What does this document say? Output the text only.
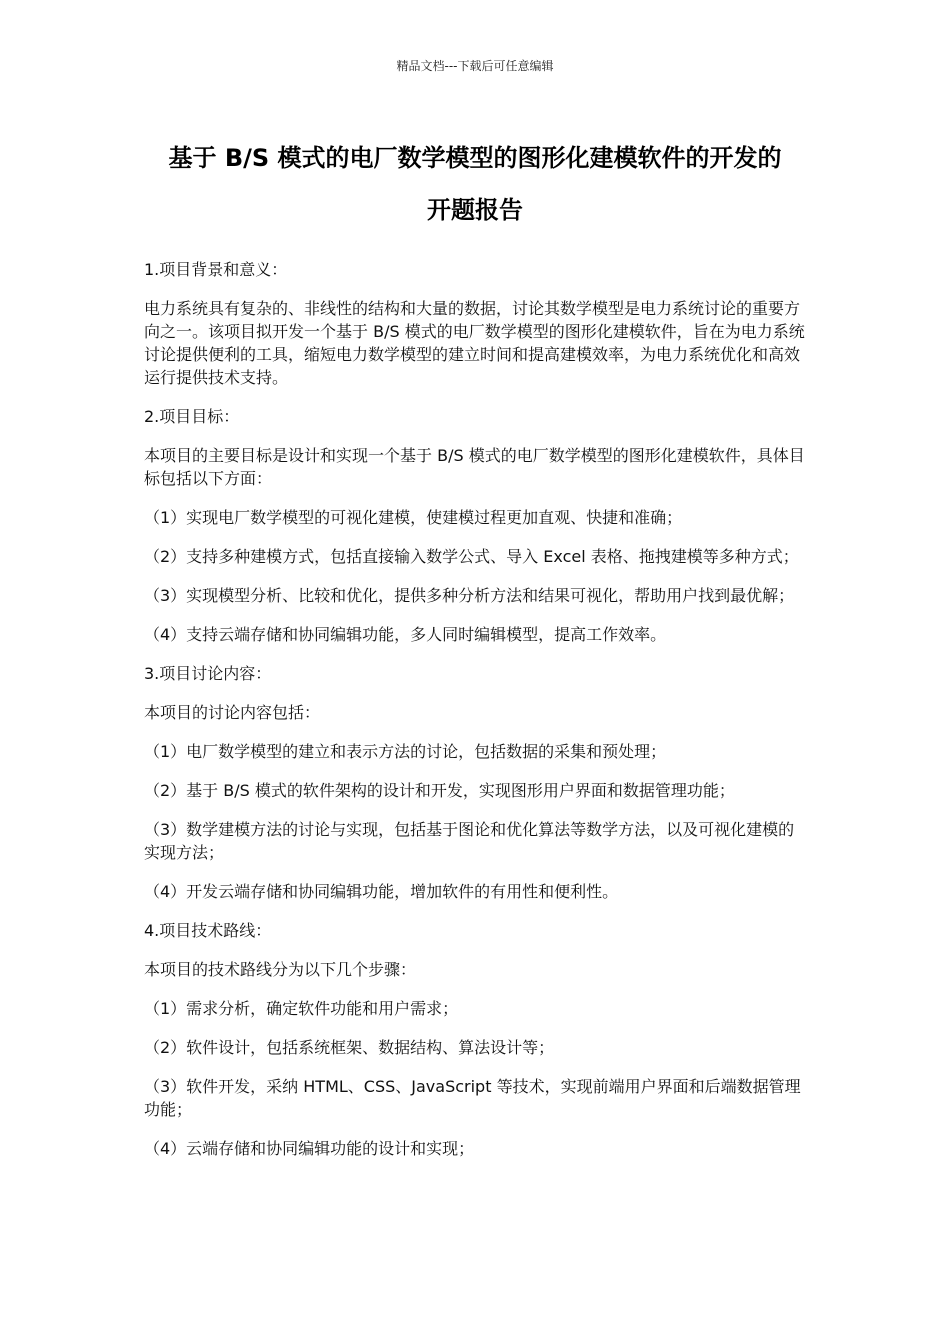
精品文档---下载后可任意编辑
基于 B/S 模式的电厂数学模型的图形化建模软件的开发的
开题报告

1.项目背景和意义：

电力系统具有复杂的、非线性的结构和大量的数据，讨论其数学模型是电力系统讨论的重要方向之一。该项目拟开发一个基于 B/S 模式的电厂数学模型的图形化建模软件，旨在为电力系统讨论提供便利的工具，缩短电力数学模型的建立时间和提高建模效率，为电力系统优化和高效运行提供技术支持。

2.项目目标：

本项目的主要目标是设计和实现一个基于 B/S 模式的电厂数学模型的图形化建模软件，具体目标包括以下方面：

（1）实现电厂数学模型的可视化建模，使建模过程更加直观、快捷和准确；

（2）支持多种建模方式，包括直接输入数学公式、导入 Excel 表格、拖拽建模等多种方式；

（3）实现模型分析、比较和优化，提供多种分析方法和结果可视化，帮助用户找到最优解；

（4）支持云端存储和协同编辑功能，多人同时编辑模型，提高工作效率。

3.项目讨论内容：

本项目的讨论内容包括：

（1）电厂数学模型的建立和表示方法的讨论，包括数据的采集和预处理；

（2）基于 B/S 模式的软件架构的设计和开发，实现图形用户界面和数据管理功能；

（3）数学建模方法的讨论与实现，包括基于图论和优化算法等数学方法，以及可视化建模的实现方法；

（4）开发云端存储和协同编辑功能，增加软件的有用性和便利性。

4.项目技术路线：

本项目的技术路线分为以下几个步骤：

（1）需求分析，确定软件功能和用户需求；

（2）软件设计，包括系统框架、数据结构、算法设计等；

（3）软件开发，采纳 HTML、CSS、JavaScript 等技术，实现前端用户界面和后端数据管理功能；

（4）云端存储和协同编辑功能的设计和实现；
